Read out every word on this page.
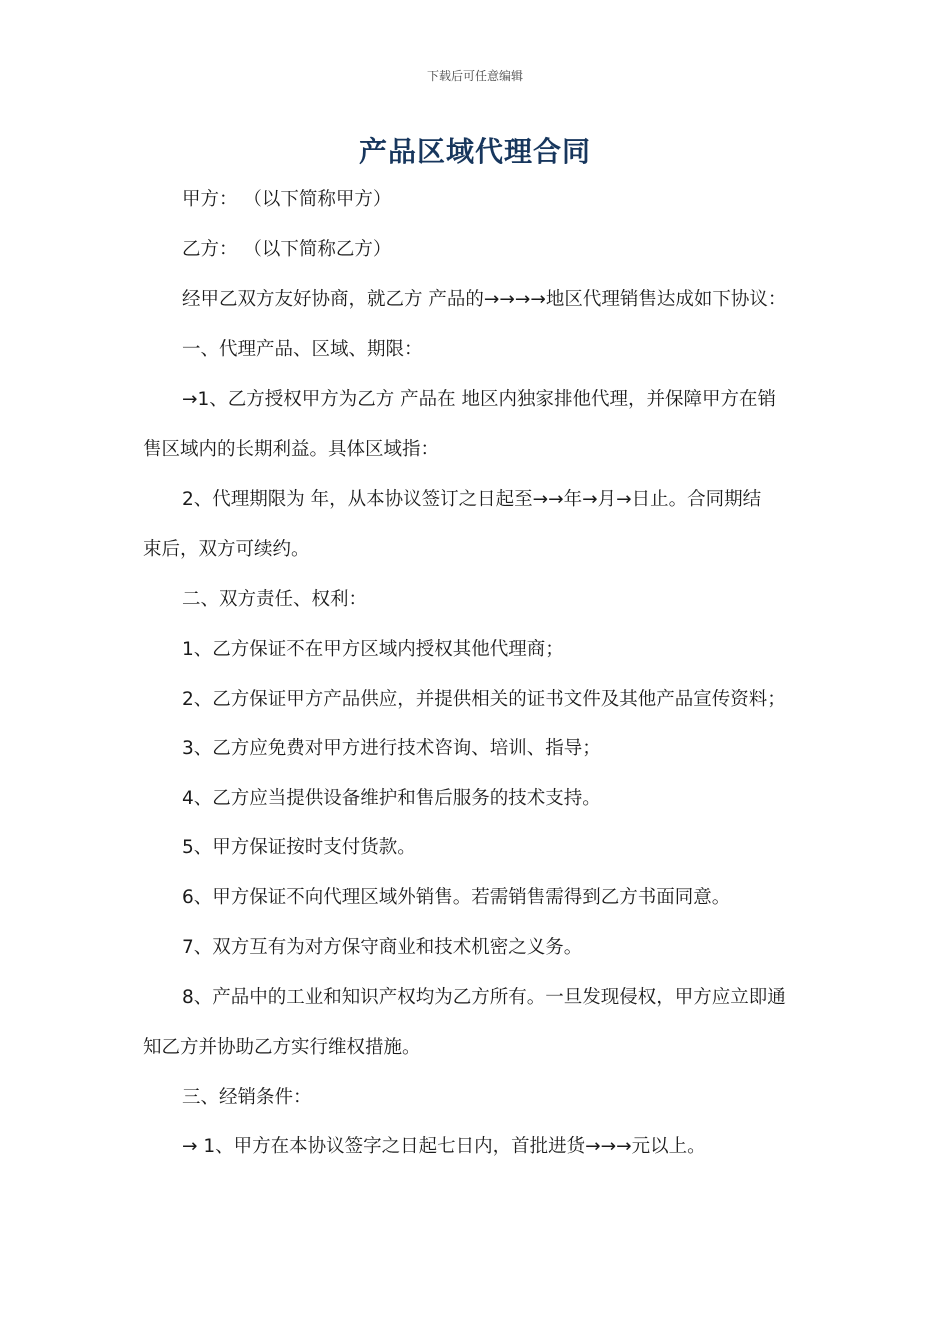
下载后可任意编辑
产品区域代理合同
甲方： （以下简称甲方）
乙方： （以下简称乙方）
经甲乙双方友好协商，就乙方 产品的→→→→地区代理销售达成如下协议：
一、代理产品、区域、期限：
→1、乙方授权甲方为乙方 产品在 地区内独家排他代理，并保障甲方在销
售区域内的长期利益。具体区域指：
2、代理期限为 年，从本协议签订之日起至→→年→月→日止。合同期结
束后，双方可续约。
二、双方责任、权利：
1、乙方保证不在甲方区域内授权其他代理商；
2、乙方保证甲方产品供应，并提供相关的证书文件及其他产品宣传资料；
3、乙方应免费对甲方进行技术咨询、培训、指导；
4、乙方应当提供设备维护和售后服务的技术支持。
5、甲方保证按时支付货款。
6、甲方保证不向代理区域外销售。若需销售需得到乙方书面同意。
7、双方互有为对方保守商业和技术机密之义务。
8、产品中的工业和知识产权均为乙方所有。一旦发现侵权，甲方应立即通
知乙方并协助乙方实行维权措施。
三、经销条件：
→ 1、甲方在本协议签字之日起七日内，首批进货→→→元以上。
